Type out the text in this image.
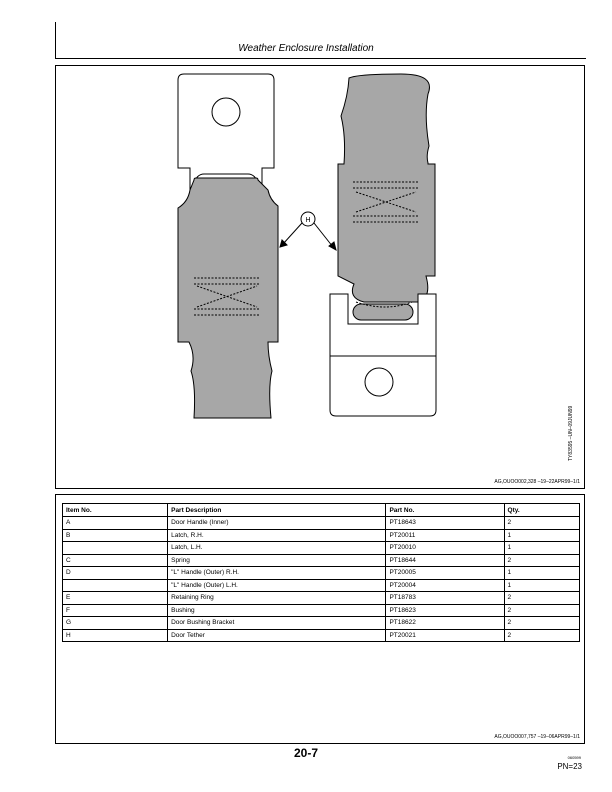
Weather Enclosure Installation
H
TY83595 –UN–09JUN99
AG,OUOO002,328 –19–22APR99–1/1
Item No.	Part Description	Part No.	Qty.
A	Door Handle (Inner)	PT18643	2
B	Latch, R.H.	PT20011	1
	Latch, L.H.	PT20010	1
C	Spring	PT18644	2
D	"L" Handle (Outer) R.H.	PT20005	1
	"L" Handle (Outer) L.H.	PT20004	1
E	Retaining Ring	PT18783	2
F	Bushing	PT18623	2
G	Door Bushing Bracket	PT18622	2
H	Door Tether	PT20021	2
AG,OUOO007,757 –19–06APR99–1/1
20-7	060599
PN=23
